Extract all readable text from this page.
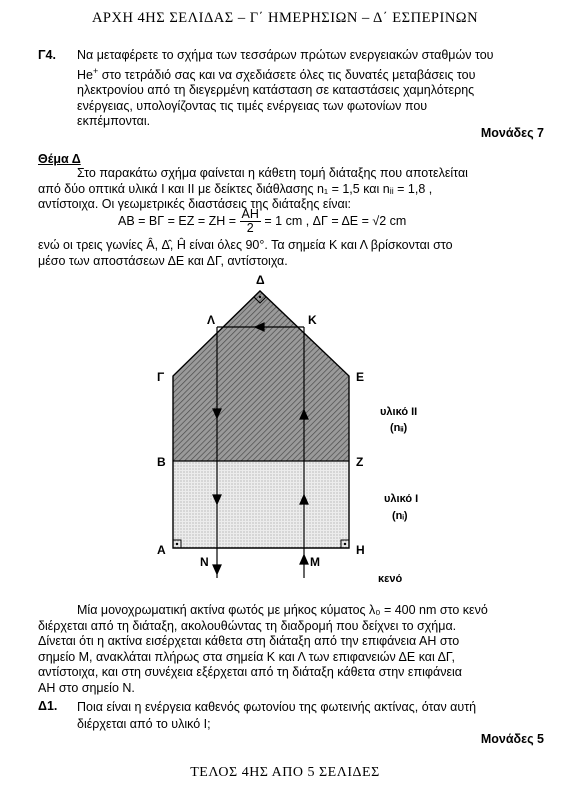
ΑΡΧΗ 4ΗΣ ΣΕΛΙΔΑΣ – Γ΄ ΗΜΕΡΗΣΙΩΝ – Δ΄ ΕΣΠΕΡΙΝΩΝ
Γ4. Να μεταφέρετε το σχήμα των τεσσάρων πρώτων ενεργειακών σταθμών του
He+ στο τετράδιό σας και να σχεδιάσετε όλες τις δυνατές μεταβάσεις του
ηλεκτρονίου από τη διεγερμένη κατάσταση σε καταστάσεις χαμηλότερης
ενέργειας, υπολογίζοντας τις τιμές ενέργειας των φωτονίων που
εκπέμπονται.
Μονάδες 7
Θέμα Δ
Στο παρακάτω σχήμα φαίνεται η κάθετη τομή διάταξης που αποτελείται
από δύο οπτικά υλικά Ι και ΙΙ με δείκτες διάθλασης n₁ = 1,5 και nᵢᵢ = 1,8 ,
αντίστοιχα. Οι γεωμετρικές διαστάσεις της διάταξης είναι:
$AB = B\Gamma = EZ = ZH = \frac{AH}{2} = 1$ cm , ΔΓ = ΔΕ = √2 cm
ενώ οι τρεις γωνίες Â, Δ̂, Ĥ είναι όλες 90°. Τα σημεία Κ και Λ βρίσκονται στο
μέσο των αποστάσεων ΔΕ και ΔΓ, αντίστοιχα.
Δ
Λ	Κ
Γ	Ε
Β	Ζ
Α	Η
Ν	Μ
υλικό ΙΙ
(nᵢᵢ)
υλικό Ι
(nᵢ)
κενό
Μία μονοχρωματική ακτίνα φωτός με μήκος κύματος λ₀ = 400 nm στο κενό
διέρχεται από τη διάταξη, ακολουθώντας τη διαδρομή που δείχνει το σχήμα.
Δίνεται ότι η ακτίνα εισέρχεται κάθετα στη διάταξη από την επιφάνεια ΑΗ στο
σημείο Μ, ανακλάται πλήρως στα σημεία Κ και Λ των επιφανειών ΔΕ και ΔΓ,
αντίστοιχα, και στη συνέχεια εξέρχεται από τη διάταξη κάθετα στην επιφάνεια
ΑΗ στο σημείο Ν.
Δ1. Ποια είναι η ενέργεια καθενός φωτονίου της φωτεινής ακτίνας, όταν αυτή
διέρχεται από το υλικό Ι;
Μονάδες 5
ΤΕΛΟΣ 4ΗΣ ΑΠΟ 5 ΣΕΛΙΔΕΣ
